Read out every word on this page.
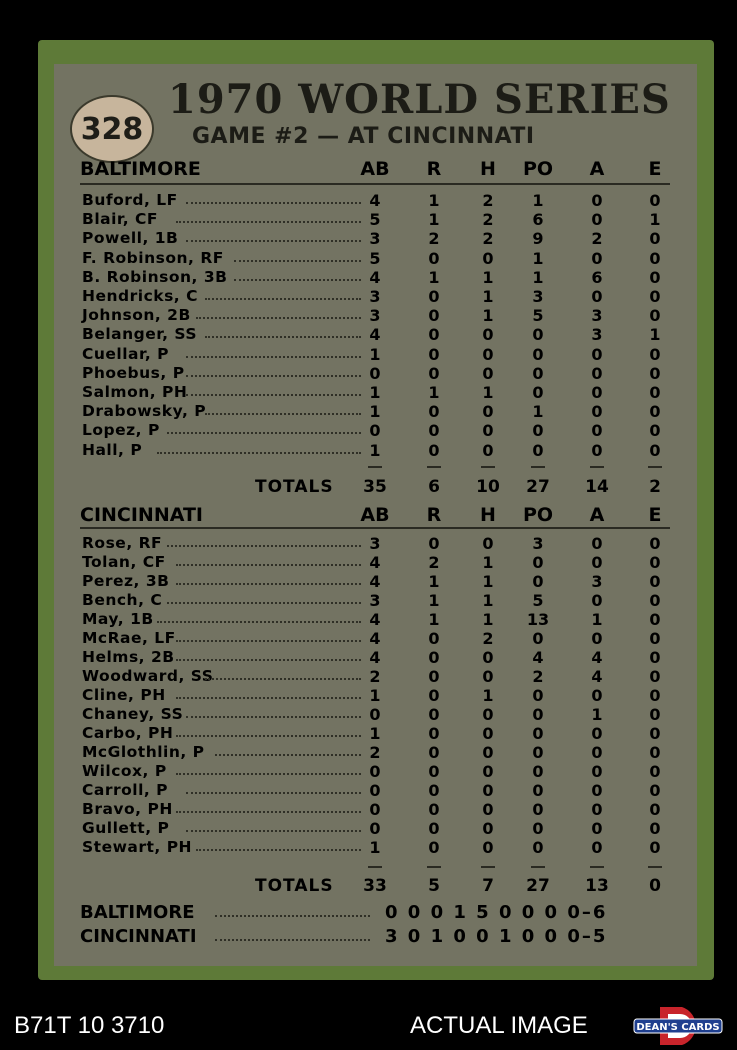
328
1970 WORLD SERIES
GAME #2 — AT CINCINNATI
BALTIMORE	AB	R	H	PO	A	E
Buford, LF	4	1	2	1	0	0
Blair, CF	5	1	2	6	0	1
Powell, 1B	3	2	2	9	2	0
F. Robinson, RF	5	0	0	1	0	0
B. Robinson, 3B	4	1	1	1	6	0
Hendricks, C	3	0	1	3	0	0
Johnson, 2B	3	0	1	5	3	0
Belanger, SS	4	0	0	0	3	1
Cuellar, P	1	0	0	0	0	0
Phoebus, P	0	0	0	0	0	0
Salmon, PH	1	1	1	0	0	0
Drabowsky, P	1	0	0	1	0	0
Lopez, P	0	0	0	0	0	0
Hall, P	1	0	0	0	0	0
TOTALS	35	6	10	27	14	2
CINCINNATI	AB	R	H	PO	A	E
Rose, RF	3	0	0	3	0	0
Tolan, CF	4	2	1	0	0	0
Perez, 3B	4	1	1	0	3	0
Bench, C	3	1	1	5	0	0
May, 1B	4	1	1	13	1	0
McRae, LF	4	0	2	0	0	0
Helms, 2B	4	0	0	4	4	0
Woodward, SS	2	0	0	2	4	0
Cline, PH	1	0	1	0	0	0
Chaney, SS	0	0	0	0	1	0
Carbo, PH	1	0	0	0	0	0
McGlothlin, P	2	0	0	0	0	0
Wilcox, P	0	0	0	0	0	0
Carroll, P	0	0	0	0	0	0
Bravo, PH	0	0	0	0	0	0
Gullett, P	0	0	0	0	0	0
Stewart, PH	1	0	0	0	0	0
TOTALS	33	5	7	27	13	0
BALTIMORE	0 0 0 1 5 0 0 0 0–6
CINCINNATI	3 0 1 0 0 1 0 0 0–5
B71T 10 3710	ACTUAL IMAGE	DEAN'S CARDS
